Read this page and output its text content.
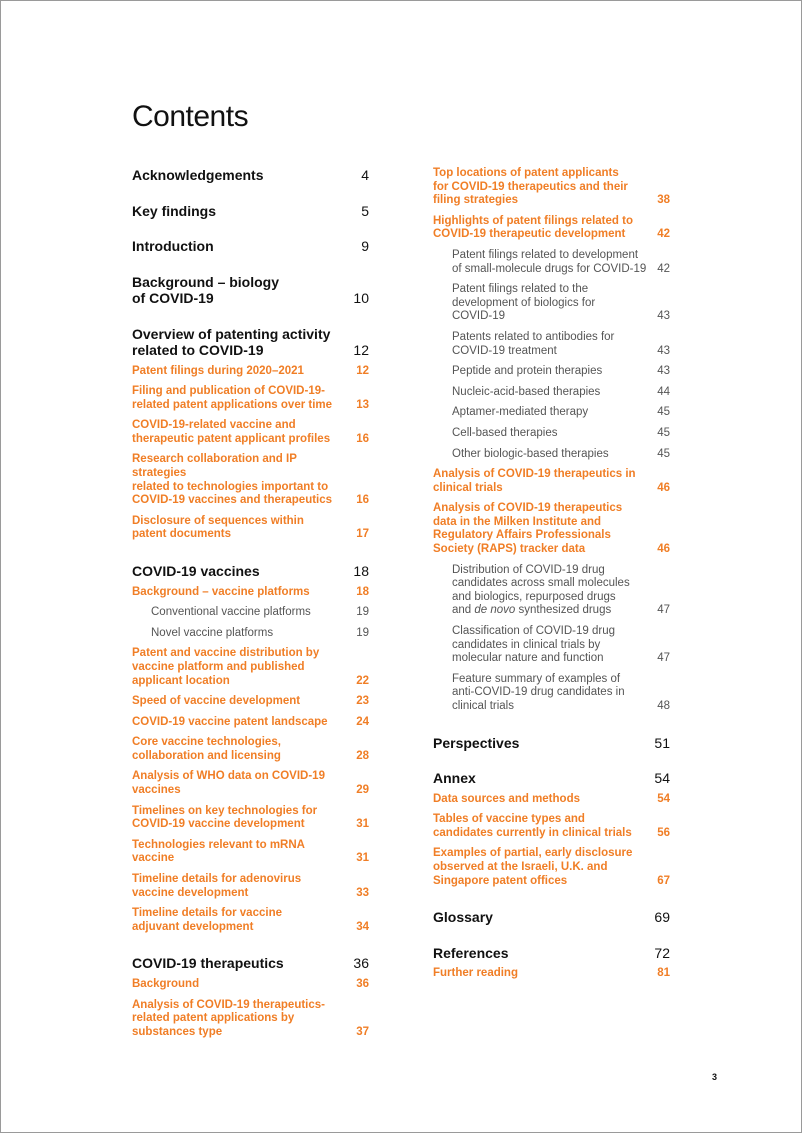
Contents
Acknowledgements	4
Key findings	5
Introduction	9
Background – biology
of COVID-19	10
Overview of patenting activity
related to COVID-19	12
Patent filings during 2020–2021	12
Filing and publication of COVID-19-
related patent applications over time	13
COVID-19-related vaccine and
therapeutic patent applicant profiles	16
Research collaboration and IP strategies
related to technologies important to
COVID-19 vaccines and therapeutics	16
Disclosure of sequences within
patent documents	17
COVID-19 vaccines	18
Background – vaccine platforms	18
Conventional vaccine platforms	19
Novel vaccine platforms	19
Patent and vaccine distribution by
vaccine platform and published
applicant location	22
Speed of vaccine development	23
COVID-19 vaccine patent landscape	24
Core vaccine technologies,
collaboration and licensing	28
Analysis of WHO data on COVID-19
vaccines	29
Timelines on key technologies for
COVID-19 vaccine development	31
Technologies relevant to mRNA
vaccine	31
Timeline details for adenovirus
vaccine development	33
Timeline details for vaccine
adjuvant development	34
COVID-19 therapeutics	36
Background	36
Analysis of COVID-19 therapeutics-
related patent applications by
substances type	37
Top locations of patent applicants
for COVID-19 therapeutics and their
filing strategies	38
Highlights of patent filings related to
COVID-19 therapeutic development	42
Patent filings related to development
of small-molecule drugs for COVID-19 42
Patent filings related to the
development of biologics for
COVID-19	43
Patents related to antibodies for
COVID-19 treatment	43
Peptide and protein therapies	43
Nucleic-acid-based therapies	44
Aptamer-mediated therapy	45
Cell-based therapies	45
Other biologic-based therapies	45
Analysis of COVID-19 therapeutics in
clinical trials	46
Analysis of COVID-19 therapeutics
data in the Milken Institute and
Regulatory Affairs Professionals
Society (RAPS) tracker data	46
Distribution of COVID-19 drug
candidates across small molecules
and biologics, repurposed drugs
and de novo synthesized drugs	47
Classification of COVID-19 drug
candidates in clinical trials by
molecular nature and function	47
Feature summary of examples of
anti-COVID-19 drug candidates in
clinical trials	48
Perspectives	51
Annex	54
Data sources and methods	54
Tables of vaccine types and
candidates currently in clinical trials	56
Examples of partial, early disclosure
observed at the Israeli, U.K. and
Singapore patent offices	67
Glossary	69
References	72
Further reading	81
3
